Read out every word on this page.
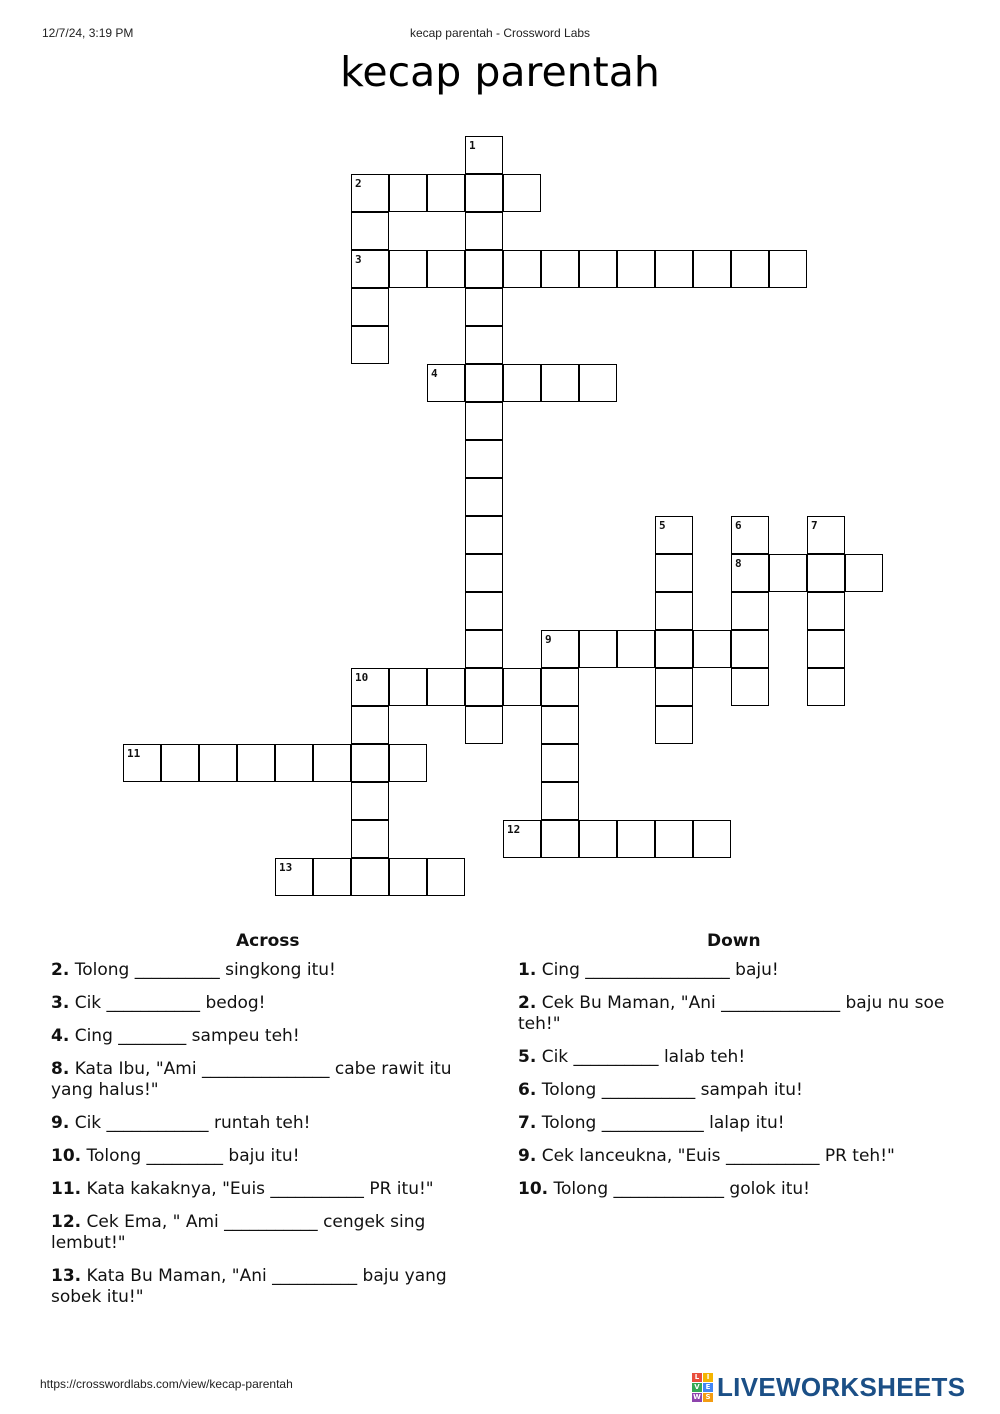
12/7/24, 3:19 PM	kecap parentah - Crossword Labs
kecap parentah
1
2
3
4
5	6
8
7
9
10
11
12
13
Across	Down
2. Tolong __________ singkong itu!
3. Cik ___________ bedog!
4. Cing ________ sampeu teh!
8. Kata Ibu, "Ami _______________ cabe rawit itu yang halus!"
9. Cik ____________ runtah teh!
10. Tolong _________ baju itu!
11. Kata kakaknya, "Euis ___________ PR itu!"
12. Cek Ema, " Ami ___________ cengek sing lembut!"
13. Kata Bu Maman, "Ani __________ baju yang sobek itu!"
1. Cing _________________ baju!
2. Cek Bu Maman, "Ani ______________ baju nu soe teh!"
5. Cik __________ lalab teh!
6. Tolong ___________ sampah itu!
7. Tolong ____________ lalap itu!
9. Cek lanceukna, "Euis ___________ PR teh!"
10. Tolong _____________ golok itu!
https://crosswordlabs.com/view/kecap-parentah
L	I
V E
W S LIVEWORKSHEETS
